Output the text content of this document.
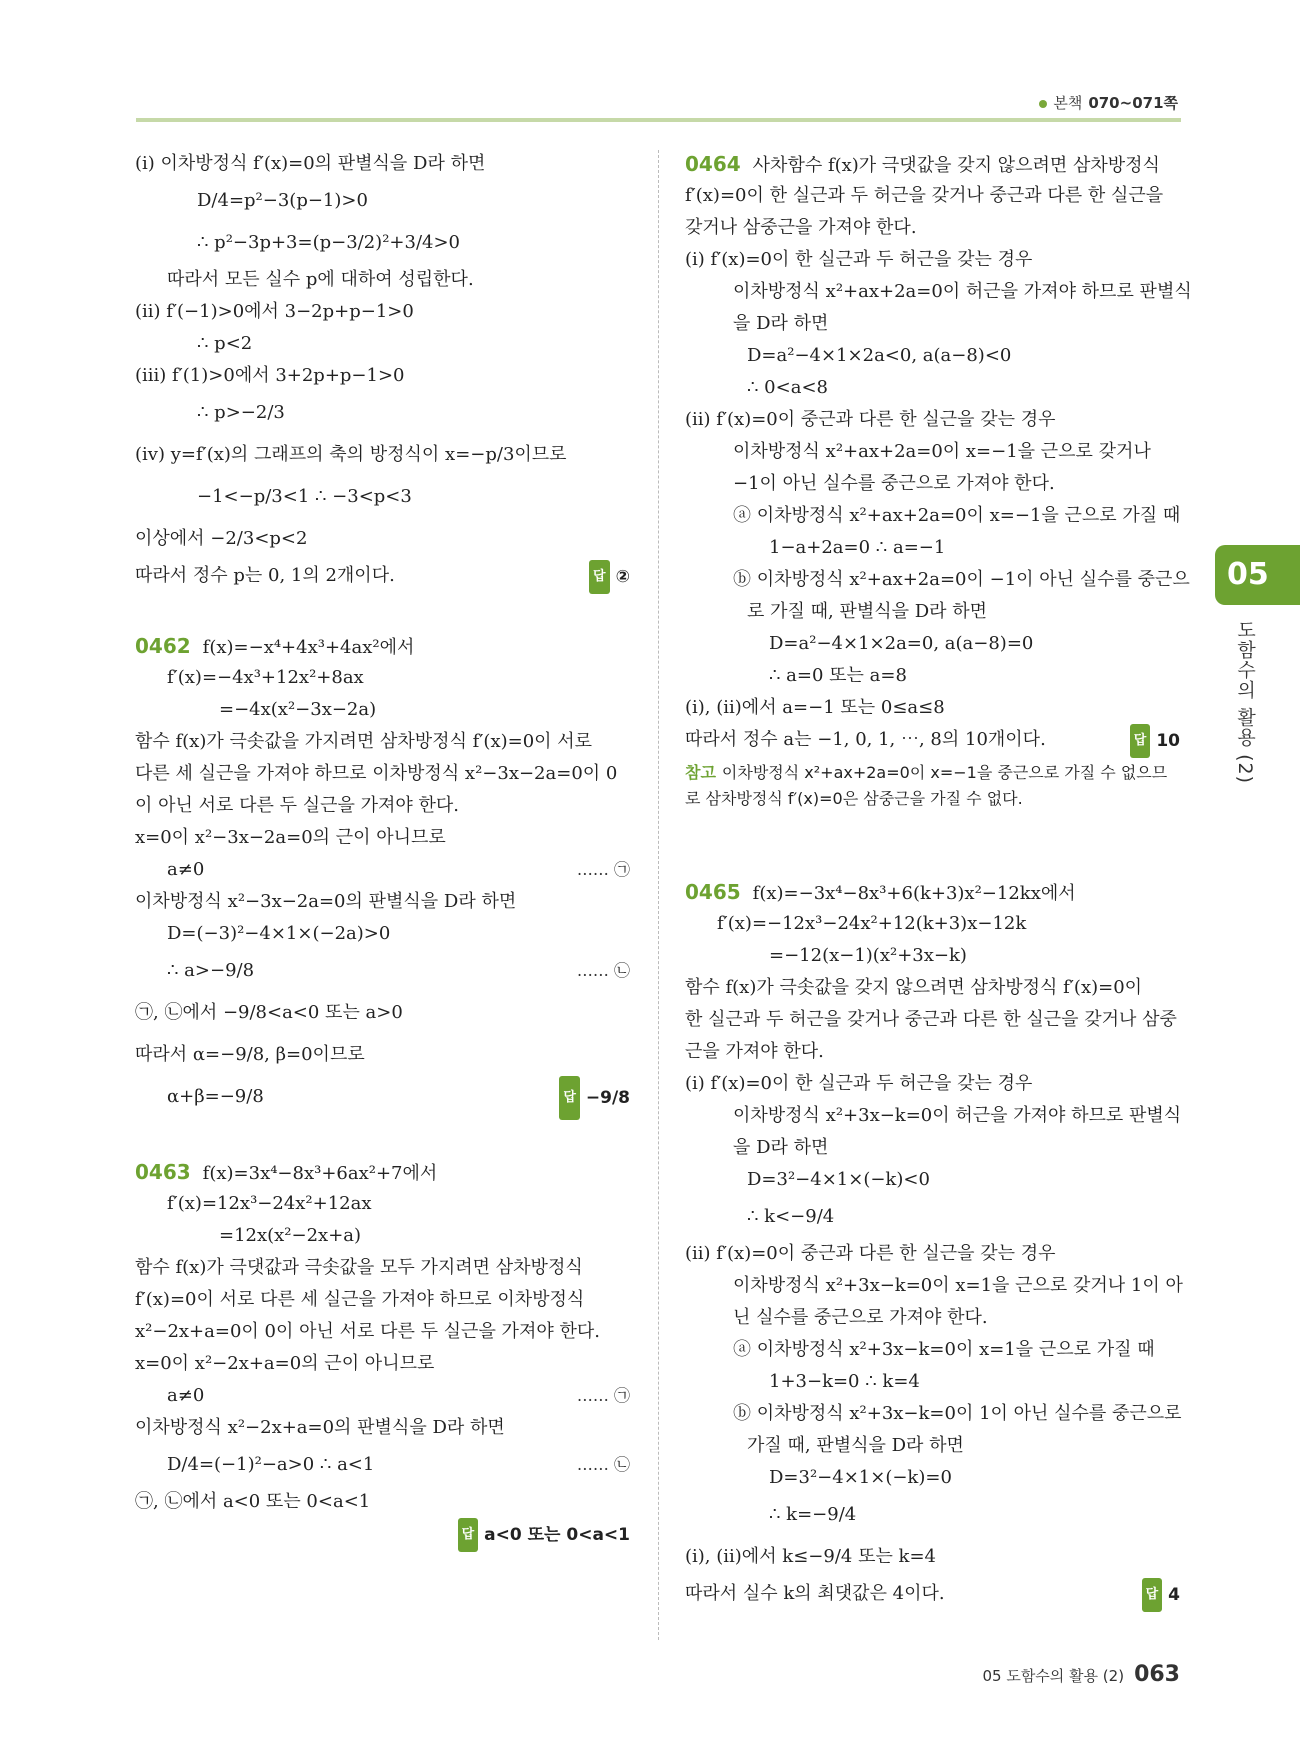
본책 070~071쪽
(ⅰ) 이차방정식 f′(x)=0의 판별식을 D라 하면
D/4=p²−3(p−1)>0
∴ p²−3p+3=(p−3/2)²+3/4>0
따라서 모든 실수 p에 대하여 성립한다.
(ⅱ) f′(−1)>0에서 3−2p+p−1>0
∴ p<2
(ⅲ) f′(1)>0에서 3+2p+p−1>0
∴ p>−2/3
(ⅳ) y=f′(x)의 그래프의 축의 방정식이 x=−p/3이므로
−1<−p/3<1 ∴ −3<p<3
이상에서 −2/3<p<2
따라서 정수 p는 0, 1의 2개이다.	답 ②
0462 f(x)=−x⁴+4x³+4ax²에서
f′(x)=−4x³+12x²+8ax
=−4x(x²−3x−2a)
함수 f(x)가 극솟값을 가지려면 삼차방정식 f′(x)=0이 서로
다른 세 실근을 가져야 하므로 이차방정식 x²−3x−2a=0이 0
이 아닌 서로 다른 두 실근을 가져야 한다.
x=0이 x²−3x−2a=0의 근이 아니므로
a≠0	…… ㉠
이차방정식 x²−3x−2a=0의 판별식을 D라 하면
D=(−3)²−4×1×(−2a)>0
∴ a>−9/8	…… ㉡
㉠, ㉡에서 −9/8<a<0 또는 a>0
따라서 α=−9/8, β=0이므로
α+β=−9/8	답 −9/8
0463 f(x)=3x⁴−8x³+6ax²+7에서
f′(x)=12x³−24x²+12ax
=12x(x²−2x+a)
함수 f(x)가 극댓값과 극솟값을 모두 가지려면 삼차방정식
f′(x)=0이 서로 다른 세 실근을 가져야 하므로 이차방정식
x²−2x+a=0이 0이 아닌 서로 다른 두 실근을 가져야 한다.
x=0이 x²−2x+a=0의 근이 아니므로
a≠0	…… ㉠
이차방정식 x²−2x+a=0의 판별식을 D라 하면
D/4=(−1)²−a>0 ∴ a<1	…… ㉡
㉠, ㉡에서 a<0 또는 0<a<1
답 a<0 또는 0<a<1
0464 사차함수 f(x)가 극댓값을 갖지 않으려면 삼차방정식
f′(x)=0이 한 실근과 두 허근을 갖거나 중근과 다른 한 실근을
갖거나 삼중근을 가져야 한다.
(ⅰ) f′(x)=0이 한 실근과 두 허근을 갖는 경우
이차방정식 x²+ax+2a=0이 허근을 가져야 하므로 판별식
을 D라 하면
D=a²−4×1×2a<0, a(a−8)<0
∴ 0<a<8
(ⅱ) f′(x)=0이 중근과 다른 한 실근을 갖는 경우
이차방정식 x²+ax+2a=0이 x=−1을 근으로 갖거나
−1이 아닌 실수를 중근으로 가져야 한다.
ⓐ 이차방정식 x²+ax+2a=0이 x=−1을 근으로 가질 때
1−a+2a=0 ∴ a=−1
ⓑ 이차방정식 x²+ax+2a=0이 −1이 아닌 실수를 중근으
로 가질 때, 판별식을 D라 하면
D=a²−4×1×2a=0, a(a−8)=0
∴ a=0 또는 a=8
(ⅰ), (ⅱ)에서 a=−1 또는 0≤a≤8
따라서 정수 a는 −1, 0, 1, ⋯, 8의 10개이다.	답 10
참고 이차방정식 x²+ax+2a=0이 x=−1을 중근으로 가질 수 없으므로 삼차방정식 f′(x)=0은 삼중근을 가질 수 없다.
0465 f(x)=−3x⁴−8x³+6(k+3)x²−12kx에서
f′(x)=−12x³−24x²+12(k+3)x−12k
=−12(x−1)(x²+3x−k)
함수 f(x)가 극솟값을 갖지 않으려면 삼차방정식 f′(x)=0이
한 실근과 두 허근을 갖거나 중근과 다른 한 실근을 갖거나 삼중
근을 가져야 한다.
(ⅰ) f′(x)=0이 한 실근과 두 허근을 갖는 경우
이차방정식 x²+3x−k=0이 허근을 가져야 하므로 판별식
을 D라 하면
D=3²−4×1×(−k)<0
∴ k<−9/4
(ⅱ) f′(x)=0이 중근과 다른 한 실근을 갖는 경우
이차방정식 x²+3x−k=0이 x=1을 근으로 갖거나 1이 아
닌 실수를 중근으로 가져야 한다.
ⓐ 이차방정식 x²+3x−k=0이 x=1을 근으로 가질 때
1+3−k=0 ∴ k=4
ⓑ 이차방정식 x²+3x−k=0이 1이 아닌 실수를 중근으로
가질 때, 판별식을 D라 하면
D=3²−4×1×(−k)=0
∴ k=−9/4
(ⅰ), (ⅱ)에서 k≤−9/4 또는 k=4
따라서 실수 k의 최댓값은 4이다.	답 4
05
도함수의 활용 (2)
05 도함수의 활용 (2) 063
